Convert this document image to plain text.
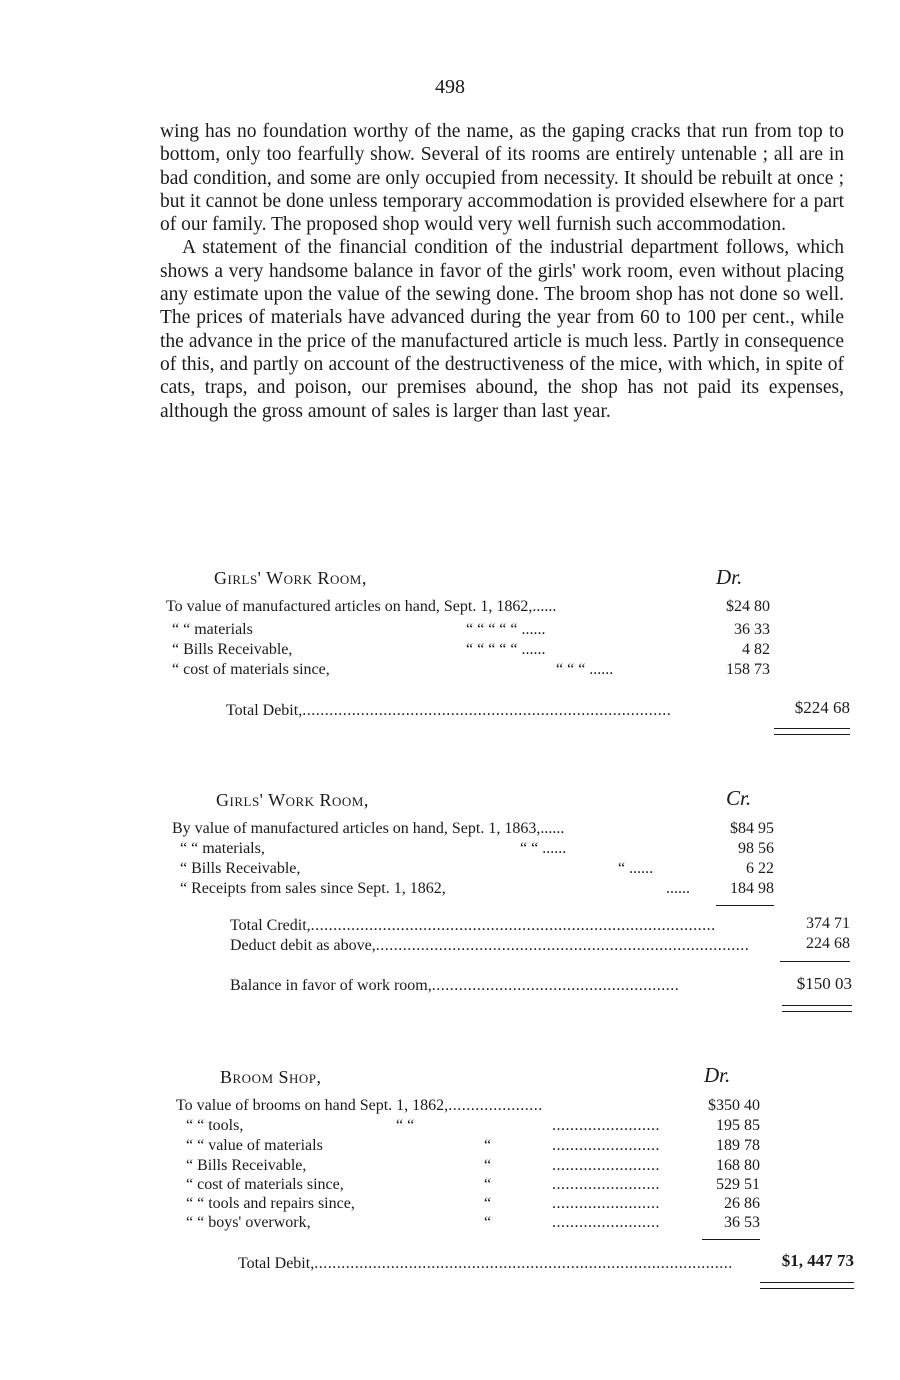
498

wing has no foundation worthy of the name, as the gaping cracks that run from top to bottom, only too fearfully show. Several of its rooms are entirely untenable ; all are in bad condition, and some are only occupied from necessity. It should be rebuilt at once ; but it cannot be done unless temporary accommodation is provided elsewhere for a part of our family. The proposed shop would very well furnish such accommodation.

A statement of the financial condition of the industrial department follows, which shows a very handsome balance in favor of the girls' work room, even without placing any estimate upon the value of the sewing done. The broom shop has not done so well. The prices of materials have advanced during the year from 60 to 100 per cent., while the advance in the price of the manufactured article is much less. Partly in consequence of this, and partly on account of the destructiveness of the mice, with which, in spite of cats, traps, and poison, our premises abound, the shop has not paid its expenses, although the gross amount of sales is larger than last year.

Girls' Work Room,	Dr.
To value of manufactured articles on hand, Sept. 1, 1862,......	$24 80
“ “ materials	“ “ “ “ “ ......	36 33
“ Bills Receivable,	“ “ “ “ “ ......	4 82
“ cost of materials since,	“ “ “ ......	158 73
Total Debit,..................................................................................	$224 68
Girls' Work Room,	Cr.
By value of manufactured articles on hand, Sept. 1, 1863,......	$84 95
“ “ materials,	“ “ ......	98 56
“ Bills Receivable,	“ ......	6 22
“ Receipts from sales since Sept. 1, 1862,	......	184 98
Total Credit,..........................................................................................	374 71
Deduct debit as above,...................................................................................	224 68
Balance in favor of work room,.......................................................	$150 03
Broom Shop,	Dr.
To value of brooms on hand Sept. 1, 1862,.....................	$350 40
“ “ tools,	“ “	........................	195 85
“ “ value of materials	“	........................	189 78
“ Bills Receivable,	“	........................	168 80
“ cost of materials since,	“	........................	529 51
“ “ tools and repairs since,	“	........................	26 86
“ “ boys' overwork,	“	........................	36 53
Total Debit,.............................................................................................	$1, 447 73
